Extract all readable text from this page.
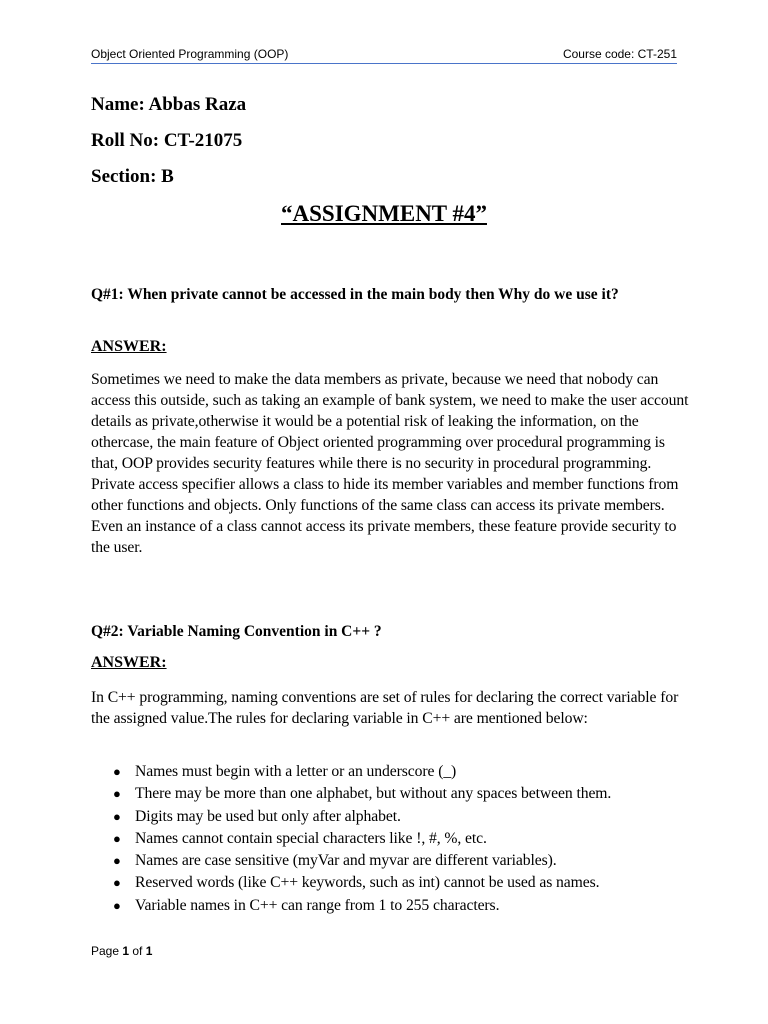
Object Oriented Programming (OOP)	Course code: CT-251
Name: Abbas Raza
Roll No: CT-21075
Section: B
“ASSIGNMENT #4”
Q#1: When private cannot be accessed in the main body then Why do we use it?
ANSWER:
Sometimes we need to make the data members as private, because we need that nobody can access this outside, such as taking an example of bank system, we need to make the user account details as private,otherwise it would be a potential risk of leaking the information, on the othercase, the main feature of Object oriented programming over procedural programming is that, OOP provides security features while there is no security in procedural programming. Private access specifier allows a class to hide its member variables and member functions from other functions and objects. Only functions of the same class can access its private members. Even an instance of a class cannot access its private members, these feature provide security to the user.
Q#2: Variable Naming Convention in C++ ?
ANSWER:
In C++ programming, naming conventions are set of rules for declaring the correct variable for the assigned value.The rules for declaring variable in C++ are mentioned below:
● Names must begin with a letter or an underscore (_)
● There may be more than one alphabet, but without any spaces between them.
● Digits may be used but only after alphabet.
● Names cannot contain special characters like !, #, %, etc.
● Names are case sensitive (myVar and myvar are different variables).
● Reserved words (like C++ keywords, such as int) cannot be used as names.
● Variable names in C++ can range from 1 to 255 characters.
Page 1 of 1
